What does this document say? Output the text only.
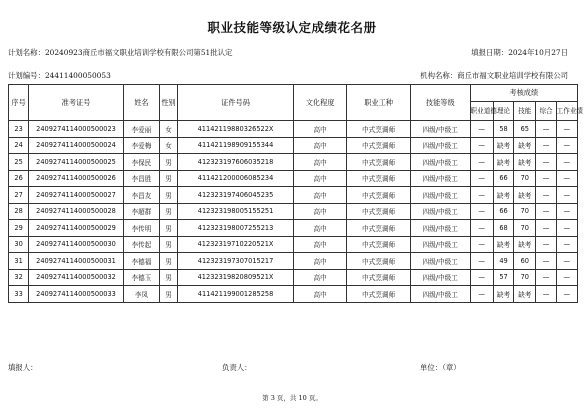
职业技能等级认定成绩花名册
计划名称：20240923商丘市福文职业培训学校有限公司第51批认定	填报日期：2024年10月27日
计划编号：24411400050053	机构名称：商丘市福文职业培训学校有限公司
序号	准考证号	姓名	性别	证件号码	文化程度	职业工种	技能等级	考核成绩				
								职业道德	理论	技能	综合	工作业绩
23	2409274114000500023	李爱丽	女	41142119880326522X	高中	中式烹调师	四级/中级工	—	58	65	—	—
24	2409274114000500024	李爱梅	女	411421198909155344	高中	中式烹调师	四级/中级工	—	缺考	缺考	—	—
25	2409274114000500025	李保民	男	412323197606035218	高中	中式烹调师	四级/中级工	—	缺考	缺考	—	—
26	2409274114000500026	李昌胜	男	411421200006085234	高中	中式烹调师	四级/中级工	—	66	70	—	—
27	2409274114000500027	李昌友	男	412323197406045235	高中	中式烹调师	四级/中级工	—	缺考	缺考	—	—
28	2409274114000500028	李超群	男	412323198005155251	高中	中式烹调师	四级/中级工	—	66	70	—	—
29	2409274114000500029	李传明	男	412323198007255213	高中	中式烹调师	四级/中级工	—	68	70	—	—
30	2409274114000500030	李传起	男	41232319710220521X	高中	中式烹调师	四级/中级工	—	缺考	缺考	—	—
31	2409274114000500031	李德福	男	412323197307015217	高中	中式烹调师	四级/中级工	—	49	60	—	—
32	2409274114000500032	李德玉	男	41232319820809521X	高中	中式烹调师	四级/中级工	—	57	70	—	—
33	2409274114000500033	李凤	男	411421199001285258	高中	中式烹调师	四级/中级工	—	缺考	缺考	—	—
填报人：	负责人：	单位：（章）
第 3 页，共 10 页。
